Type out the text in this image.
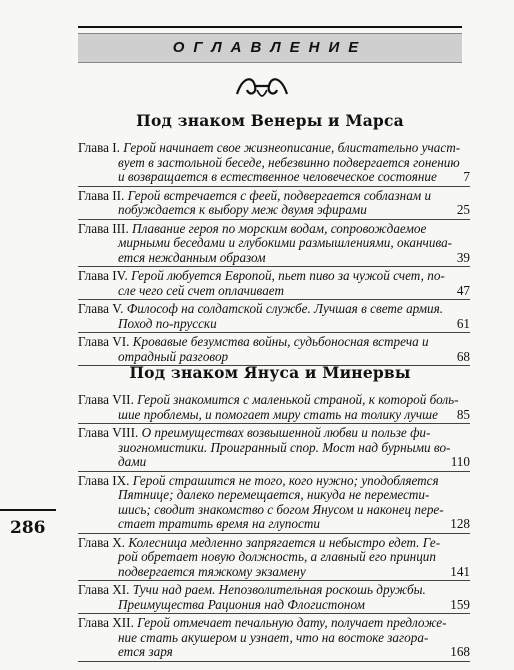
ОГЛАВЛЕНИЕ
Под знаком Венеры и Марса
Глава I. Герой начинает свое жизнеописание, блистательно участ-
вует в застольной беседе, небезвинно подвергается гонению
и возвращается в естественное человеческое состояние	7
Глава II. Герой встречается с феей, подвергается соблазнам и
побуждается к выбору меж двумя эфирами	25
Глава III. Плавание героя по морским водам, сопровождаемое
мирными беседами и глубокими размышлениями, оканчива-
ется нежданным образом	39
Глава IV. Герой любуется Европой, пьет пиво за чужой счет, по-
сле чего сей счет оплачивает	47
Глава V. Философ на солдатской службе. Лучшая в свете армия.
Поход по-прусски	61
Глава VI. Кровавые безумства войны, судьбоносная встреча и
отрадный разговор	68
Под знаком Януса и Минервы
Глава VII. Герой знакомится с маленькой страной, к которой боль-
шие проблемы, и помогает миру стать на толику лучше	85
Глава VIII. О преимуществах возвышенной любви и пользе фи-
зиогномистики. Проигранный спор. Мост над бурными во-
дами	110
Глава IX. Герой страшится не того, кого нужно; уподобляется
Пятнице; далеко перемещается, никуда не перемести-
шись; сводит знакомство с богом Янусом и наконец пере-
стает тратить время на глупости	128
Глава X. Колесница медленно запрягается и небыстро едет. Ге-
рой обретает новую должность, а главный его принцип
подвергается тяжкому экзамену	141
Глава XI. Тучи над раем. Непозволительная роскошь дружбы.
Преимущества Рациония над Флогистоном	159
Глава XII. Герой отмечает печальную дату, получает предложе-
ние стать акушером и узнает, что на востоке загора-
ется заря	168
286
